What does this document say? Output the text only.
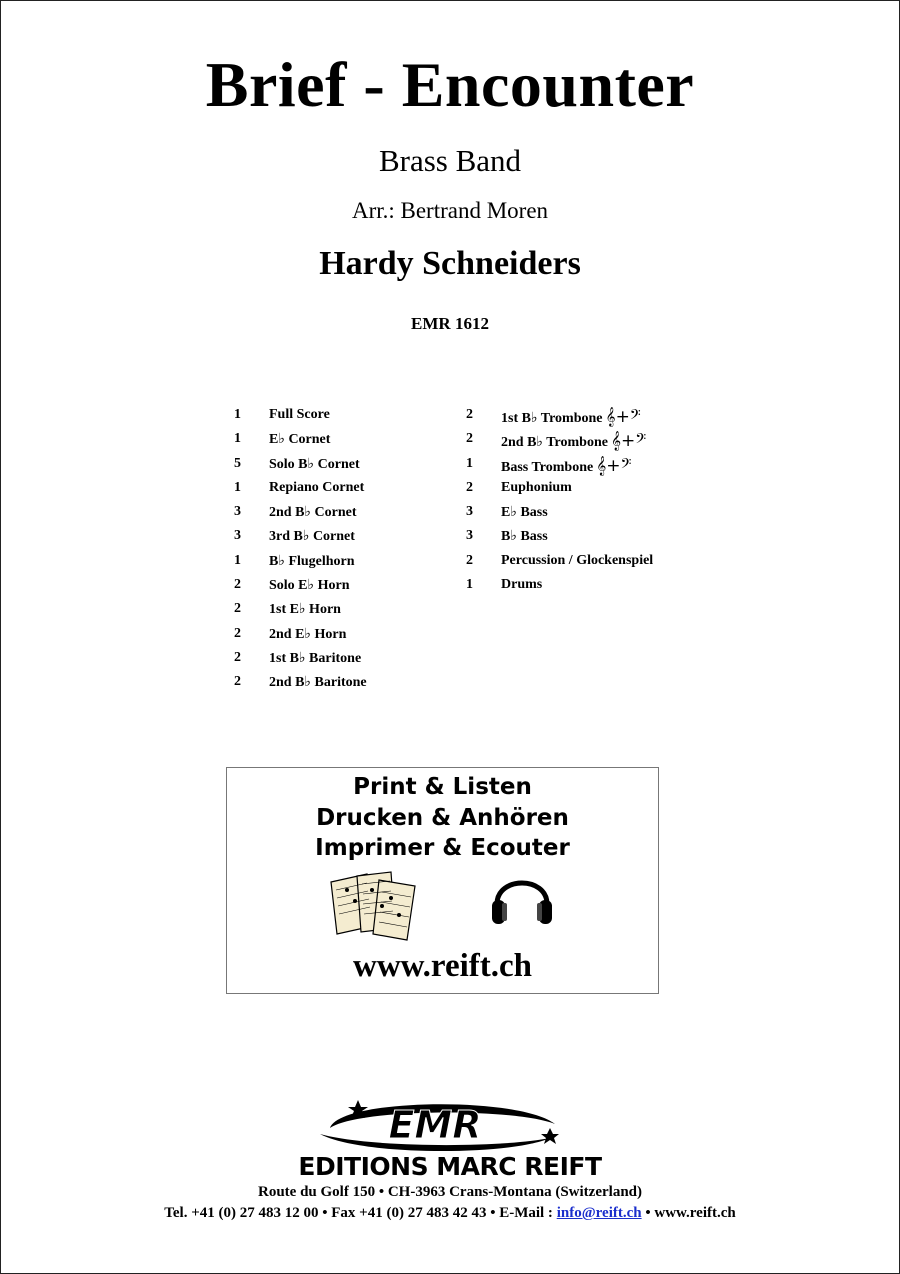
Brief - Encounter
Brass Band
Arr.: Bertrand Moren
Hardy Schneiders
EMR 1612
1	Full Score
1	E♭ Cornet
5	Solo B♭ Cornet
1	Repiano Cornet
3	2nd B♭ Cornet
3	3rd B♭ Cornet
1	B♭ Flugelhorn
2	Solo E♭ Horn
2	1st E♭ Horn
2	2nd E♭ Horn
2	1st B♭ Baritone
2	2nd B♭ Baritone
2	1st B♭ Trombone 𝄞+𝄢
2	2nd B♭ Trombone 𝄞+𝄢
1	Bass Trombone 𝄞+𝄢
2	Euphonium
3	E♭ Bass
3	B♭ Bass
2	Percussion / Glockenspiel
1	Drums
Print & Listen
Drucken & Anhören
Imprimer & Ecouter
www.reift.ch
EMR
EDITIONS MARC REIFT
Route du Golf 150 • CH-3963 Crans-Montana (Switzerland)
Tel. +41 (0) 27 483 12 00 • Fax +41 (0) 27 483 42 43 • E-Mail : info@reift.ch • www.reift.ch
